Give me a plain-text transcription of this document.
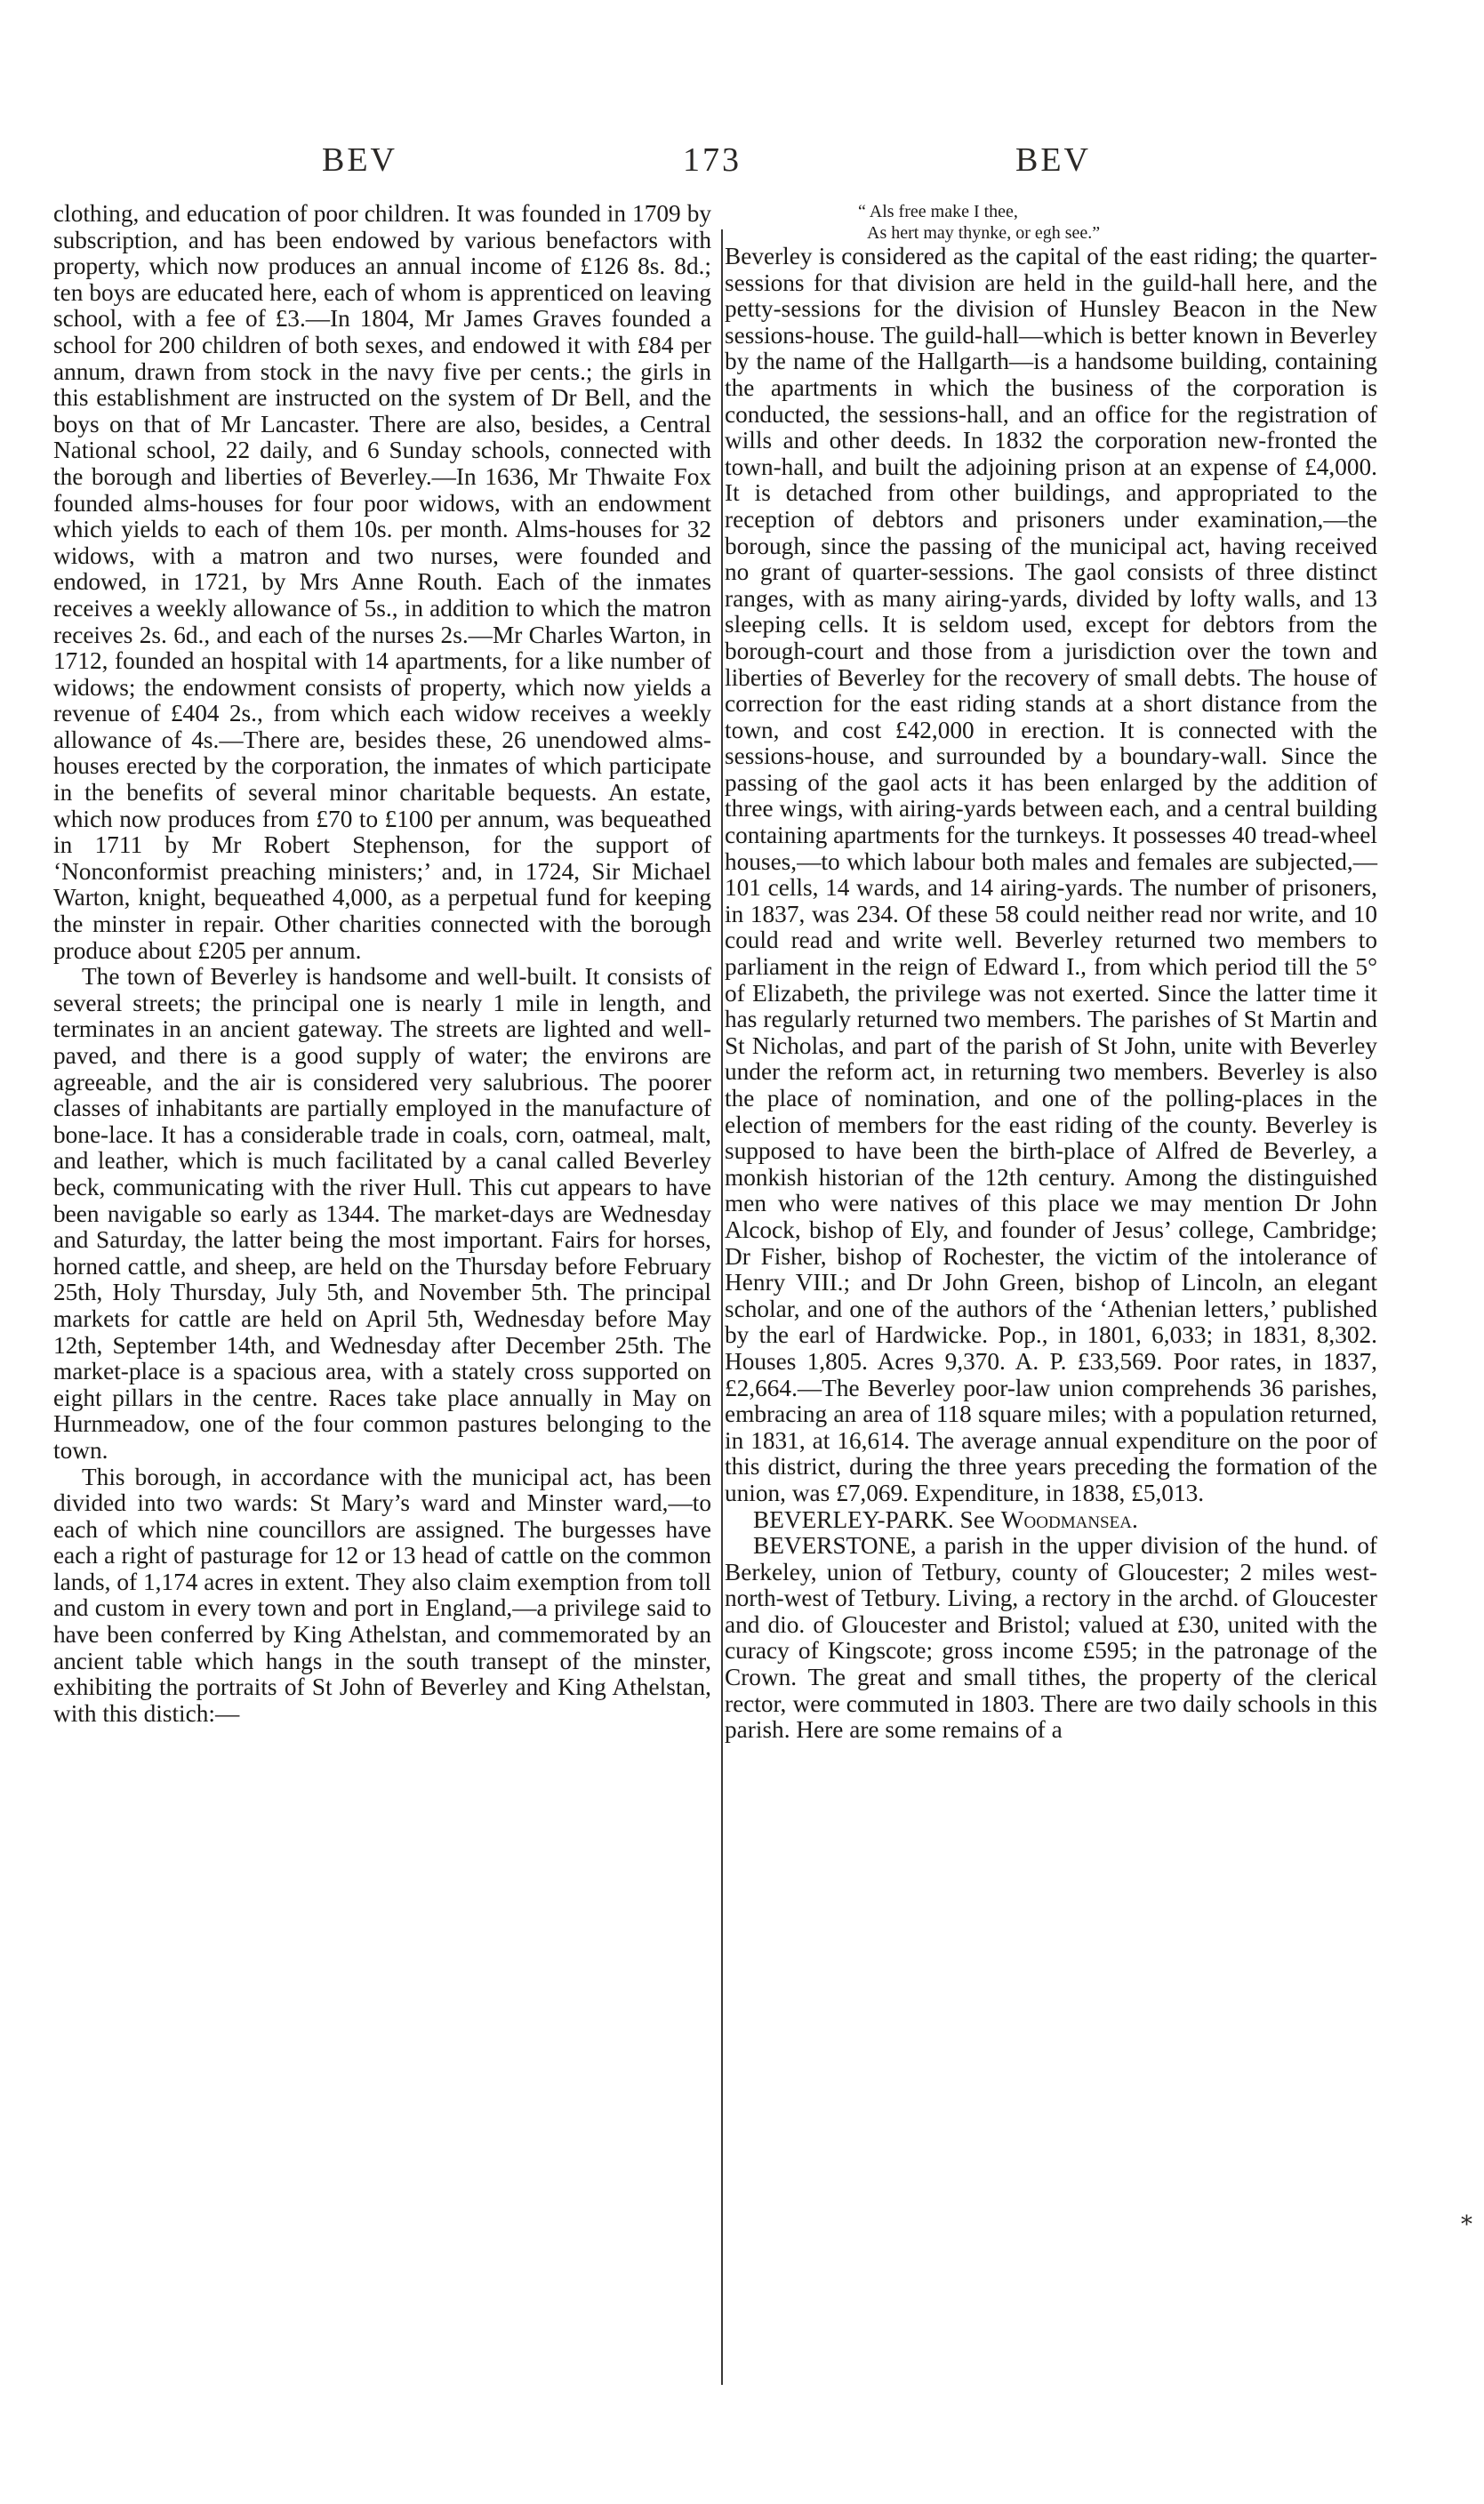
BEV	173	BEV

clothing, and education of poor children. It was founded in 1709 by subscription, and has been endowed by various benefactors with property, which now produces an annual income of £126 8s. 8d.; ten boys are educated here, each of whom is apprenticed on leaving school, with a fee of £3.—In 1804, Mr James Graves founded a school for 200 children of both sexes, and endowed it with £84 per annum, drawn from stock in the navy five per cents.; the girls in this establishment are instructed on the system of Dr Bell, and the boys on that of Mr Lancaster. There are also, besides, a Central National school, 22 daily, and 6 Sunday schools, connected with the borough and liberties of Beverley.—In 1636, Mr Thwaite Fox founded alms-houses for four poor widows, with an endowment which yields to each of them 10s. per month. Alms-houses for 32 widows, with a matron and two nurses, were founded and endowed, in 1721, by Mrs Anne Routh. Each of the inmates receives a weekly allowance of 5s., in addition to which the matron receives 2s. 6d., and each of the nurses 2s.—Mr Charles Warton, in 1712, founded an hospital with 14 apartments, for a like number of widows; the endowment consists of property, which now yields a revenue of £404 2s., from which each widow receives a weekly allowance of 4s.—There are, besides these, 26 unendowed alms-houses erected by the corporation, the inmates of which participate in the benefits of several minor charitable bequests. An estate, which now produces from £70 to £100 per annum, was bequeathed in 1711 by Mr Robert Stephenson, for the support of ‘Nonconformist preaching ministers;’ and, in 1724, Sir Michael Warton, knight, bequeathed 4,000, as a perpetual fund for keeping the minster in repair. Other charities connected with the borough produce about £205 per annum.

The town of Beverley is handsome and well-built. It consists of several streets; the principal one is nearly 1 mile in length, and terminates in an ancient gateway. The streets are lighted and well-paved, and there is a good supply of water; the environs are agreeable, and the air is considered very salubrious. The poorer classes of inhabitants are partially employed in the manufacture of bone-lace. It has a considerable trade in coals, corn, oatmeal, malt, and leather, which is much facilitated by a canal called Beverley beck, communicating with the river Hull. This cut appears to have been navigable so early as 1344. The market-days are Wednesday and Saturday, the latter being the most important. Fairs for horses, horned cattle, and sheep, are held on the Thursday before February 25th, Holy Thursday, July 5th, and November 5th. The principal markets for cattle are held on April 5th, Wednesday before May 12th, September 14th, and Wednesday after December 25th. The market-place is a spacious area, with a stately cross supported on eight pillars in the centre. Races take place annually in May on Hurnmeadow, one of the four common pastures belonging to the town.

This borough, in accordance with the municipal act, has been divided into two wards: St Mary’s ward and Minster ward,—to each of which nine councillors are assigned. The burgesses have each a right of pasturage for 12 or 13 head of cattle on the common lands, of 1,174 acres in extent. They also claim exemption from toll and custom in every town and port in England,—a privilege said to have been conferred by King Athelstan, and commemorated by an ancient table which hangs in the south transept of the minster, exhibiting the portraits of St John of Beverley and King Athelstan, with this distich:—

“ Als free make I thee,
As hert may thynke, or egh see.”

Beverley is considered as the capital of the east riding; the quarter-sessions for that division are held in the guild-hall here, and the petty-sessions for the division of Hunsley Beacon in the New sessions-house. The guild-hall—which is better known in Beverley by the name of the Hallgarth—is a handsome building, containing the apartments in which the business of the corporation is conducted, the sessions-hall, and an office for the registration of wills and other deeds. In 1832 the corporation new-fronted the town-hall, and built the adjoining prison at an expense of £4,000. It is detached from other buildings, and appropriated to the reception of debtors and prisoners under examination,—the borough, since the passing of the municipal act, having received no grant of quarter-sessions. The gaol consists of three distinct ranges, with as many airing-yards, divided by lofty walls, and 13 sleeping cells. It is seldom used, except for debtors from the borough-court and those from a jurisdiction over the town and liberties of Beverley for the recovery of small debts. The house of correction for the east riding stands at a short distance from the town, and cost £42,000 in erection. It is connected with the sessions-house, and surrounded by a boundary-wall. Since the passing of the gaol acts it has been enlarged by the addition of three wings, with airing-yards between each, and a central building containing apartments for the turnkeys. It possesses 40 tread-wheel houses,—to which labour both males and females are subjected,—101 cells, 14 wards, and 14 airing-yards. The number of prisoners, in 1837, was 234. Of these 58 could neither read nor write, and 10 could read and write well. Beverley returned two members to parliament in the reign of Edward I., from which period till the 5° of Elizabeth, the privilege was not exerted. Since the latter time it has regularly returned two members. The parishes of St Martin and St Nicholas, and part of the parish of St John, unite with Beverley under the reform act, in returning two members. Beverley is also the place of nomination, and one of the polling-places in the election of members for the east riding of the county. Beverley is supposed to have been the birth-place of Alfred de Beverley, a monkish historian of the 12th century. Among the distinguished men who were natives of this place we may mention Dr John Alcock, bishop of Ely, and founder of Jesus’ college, Cambridge; Dr Fisher, bishop of Rochester, the victim of the intolerance of Henry VIII.; and Dr John Green, bishop of Lincoln, an elegant scholar, and one of the authors of the ‘Athenian letters,’ published by the earl of Hardwicke. Pop., in 1801, 6,033; in 1831, 8,302. Houses 1,805. Acres 9,370. A. P. £33,569. Poor rates, in 1837, £2,664.—The Beverley poor-law union comprehends 36 parishes, embracing an area of 118 square miles; with a population returned, in 1831, at 16,614. The average annual expenditure on the poor of this district, during the three years preceding the formation of the union, was £7,069. Expenditure, in 1838, £5,013.

BEVERLEY-PARK. See Woodmansea.

BEVERSTONE, a parish in the upper division of the hund. of Berkeley, union of Tetbury, county of Gloucester; 2 miles west-north-west of Tetbury. Living, a rectory in the archd. of Gloucester and dio. of Gloucester and Bristol; valued at £30, united with the curacy of Kingscote; gross income £595; in the patronage of the Crown. The great and small tithes, the property of the clerical rector, were commuted in 1803. There are two daily schools in this parish. Here are some remains of a

*
